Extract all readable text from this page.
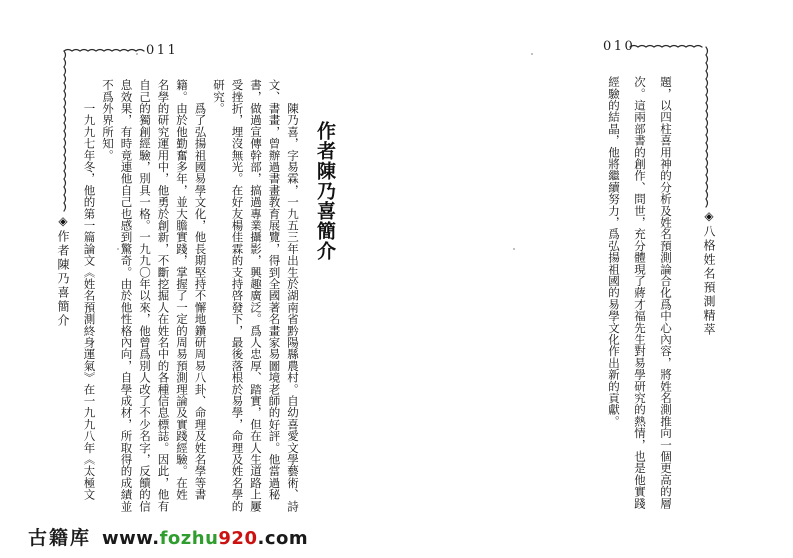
010
◈八格姓名預測精萃
題，以四柱喜用神的分析及姓名預測論合化爲中心內容，將姓名測推向一個更高的層
次。這兩部書的創作、問世，充分體現了蔣才福先生對易學研究的熱情，也是他實踐
經驗的結晶，他將繼續努力，爲弘揚祖國的易學文化作出新的貢獻。
011
◈作者陳乃喜簡介
作者陳乃喜簡介
　　陳乃喜，字易霖，一九五三年出生於湖南省黔陽縣農村。自幼喜愛文學藝術、詩
文、書畫，曾辦過書畫教育展覽，得到全國著名畫家易圖境老師的好評。他當過秘
書，做過宣傳幹部，搞過專業攝影，興趣廣泛。爲人忠厚、踏實，但在人生道路上屢
受挫折，埋沒無光。在好友楊佳霖的支持啓發下，最後落根於易學，命理及姓名學的
研究。
　　爲了弘揚祖國易學文化，他長期堅持不懈地鑽研周易八卦、命理及姓名學等書
籍。由於他勤奮多年，並大膽實踐，掌握了一定的周易預測理論及實踐經驗。在姓
名學的研究運用中，他勇於創新，不斷挖掘人在姓名中的各種信息標誌。因此，他有
自己的獨創經驗，別具一格。一九九〇年以來，他曾爲別人改了不少名字，反饋的信
息效果，有時竟連他自己也感到驚奇。由於他性格內向，自學成材，所取得的成績並
不爲外界所知。
　　一九九七年冬，他的第一篇論文《姓名預測終身運氣》在一九九八年《太極文
古籍库 www. fozhu 920 .com
